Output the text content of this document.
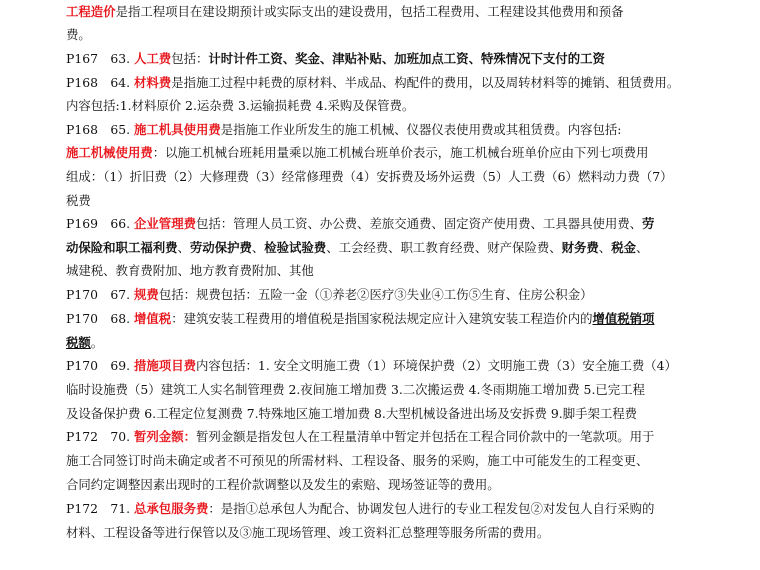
工程造价是指工程项目在建设期预计或实际支出的建设费用，包括工程费用、工程建设其他费用和预备
费。
P167　63. 人工费包括：计时计件工资、奖金、津贴补贴、加班加点工资、特殊情况下支付的工资
P168　64. 材料费是指施工过程中耗费的原材料、半成品、构配件的费用，以及周转材料等的摊销、租赁费用。
内容包括:1.材料原价 2.运杂费 3.运输损耗费 4.采购及保管费。
P168　65. 施工机具使用费是指施工作业所发生的施工机械、仪器仪表使用费或其租赁费。内容包括:
施工机械使用费：以施工机械台班耗用量乘以施工机械台班单价表示，施工机械台班单价应由下列七项费用
组成：（1）折旧费（2）大修理费（3）经常修理费（4）安拆费及场外运费（5）人工费（6）燃料动力费（7）
税费
P169　66. 企业管理费包括：管理人员工资、办公费、差旅交通费、固定资产使用费、工具器具使用费、劳
动保险和职工福利费、劳动保护费、检验试验费、工会经费、职工教育经费、财产保险费、财务费、税金、
城建税、教育费附加、地方教育费附加、其他
P170　67. 规费包括：规费包括：五险一金（①养老②医疗③失业④工伤⑤生育、住房公积金）
P170　68. 增值税：建筑安装工程费用的增值税是指国家税法规定应计入建筑安装工程造价内的增值税销项
税额。
P170　69. 措施项目费内容包括：1. 安全文明施工费（1）环境保护费（2）文明施工费（3）安全施工费（4）
临时设施费（5）建筑工人实名制管理费 2.夜间施工增加费 3.二次搬运费 4.冬雨期施工增加费 5.已完工程
及设备保护费 6.工程定位复测费 7.特殊地区施工增加费 8.大型机械设备进出场及安拆费 9.脚手架工程费
P172　70. 暂列金额：暂列金额是指发包人在工程量清单中暂定并包括在工程合同价款中的一笔款项。用于
施工合同签订时尚未确定或者不可预见的所需材料、工程设备、服务的采购，施工中可能发生的工程变更、
合同约定调整因素出现时的工程价款调整以及发生的索赔、现场签证等的费用。
P172　71. 总承包服务费：是指①总承包人为配合、协调发包人进行的专业工程发包②对发包人自行采购的
材料、工程设备等进行保管以及③施工现场管理、竣工资料汇总整理等服务所需的费用。
